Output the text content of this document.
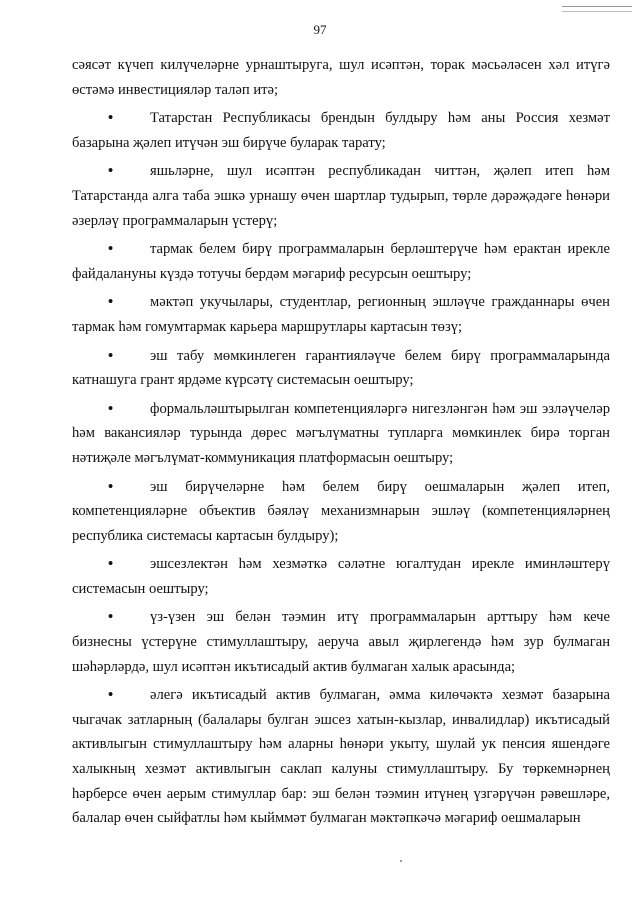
97

сәясәт күчеп килүчеләрне урнаштыруга, шул исәптән, торак мәсьәләсен хәл итүгә өстәмә инвестицияләр таләп итә;

•	Татарстан Республикасы брендын булдыру һәм аны Россия хезмәт базарына җәлеп итүчән эш бирүче буларак тарату;

•	яшьләрне, шул исәптән республикадан читтән, җәлеп итеп һәм Татарстанда алга таба эшкә урнашу өчен шартлар тудырып, төрле дәрәҗәдәге һөнәри әзерләү программаларын үстерү;

•	тармак белем бирү программаларын берләштерүче һәм ерактан ирекле файдалануны күздә тотучы бердәм мәгариф ресурсын оештыру;

•	мәктәп укучылары, студентлар, регионның эшләүче гражданнары өчен тармак һәм гомумтармак карьера маршрутлары картасын төзү;

•	эш табу мөмкинлеген гарантияләүче белем бирү программаларында катнашуга грант ярдәме күрсәтү системасын оештыру;

•	формальләштырылган компетенцияләргә нигезләнгән һәм эш эзләүчеләр һәм вакансияләр турында дөрес мәгълүматны тупларга мөмкинлек бирә торган нәтиҗәле мәгълүмат-коммуникация платформасын оештыру;

•	эш бирүчеләрне һәм белем бирү оешмаларын җәлеп итеп, компетенцияләрне объектив бәяләү механизмнарын эшләү (компетенцияләрнең республика системасы картасын булдыру);

•	эшсезлектән һәм хезмәткә сәләтне югалтудан ирекле иминләштерү системасын оештыру;

•	үз-үзен эш белән тәэмин итү программаларын арттыру һәм кече бизнесны үстерүне стимуллаштыру, аеруча авыл җирлегендә һәм зур булмаган шәһәрләрдә, шул исәптән икътисадый актив булмаган халык арасында;

•	әлегә икътисадый актив булмаган, әмма килөчәктә хезмәт базарына чыгачак затларның (балалары булган эшсез хатын-кызлар, инвалидлар) икътисадый активлыгын стимуллаштыру һәм аларны һөнәри укыту, шулай ук пенсия яшендәге халыкның хезмәт активлыгын саклап калуны стимуллаштыру. Бу төркемнәрнең һәрберсе өчен аерым стимуллар бар: эш белән тәэмин итүнең үзгәрүчән рәвешләре, балалар өчен сыйфатлы һәм кыйммәт булмаган мәктәпкәчә мәгариф оешмаларын
